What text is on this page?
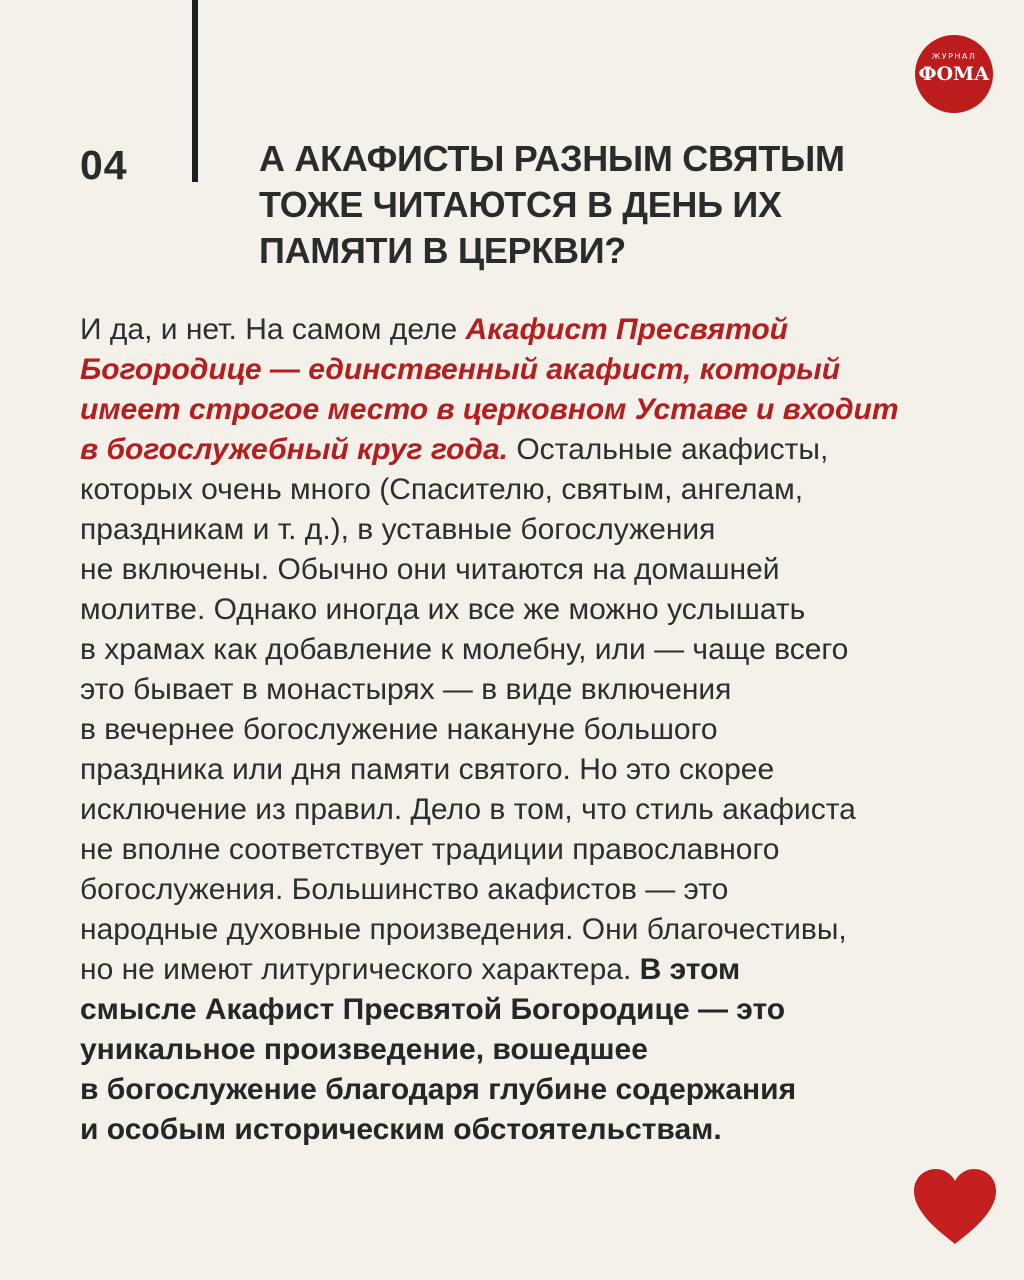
ЖУРНАЛ
ФОМА
04	А АКАФИСТЫ РАЗНЫМ СВЯТЫМ
ТОЖЕ ЧИТАЮТСЯ В ДЕНЬ ИХ
ПАМЯТИ В ЦЕРКВИ?

И да, и нет. На самом деле Акафист Пресвятой
Богородице — единственный акафист, который
имеет строгое место в церковном Уставе и входит
в богослужебный круг года. Остальные акафисты,
которых очень много (Спасителю, святым, ангелам,
праздникам и т. д.), в уставные богослужения
не включены. Обычно они читаются на домашней
молитве. Однако иногда их все же можно услышать
в храмах как добавление к молебну, или — чаще всего
это бывает в монастырях — в виде включения
в вечернее богослужение накануне большого
праздника или дня памяти святого. Но это скорее
исключение из правил. Дело в том, что стиль акафиста
не вполне соответствует традиции православного
богослужения. Большинство акафистов — это
народные духовные произведения. Они благочестивы,
но не имеют литургического характера. В этом
смысле Акафист Пресвятой Богородице — это
уникальное произведение, вошедшее
в богослужение благодаря глубине содержания
и особым историческим обстоятельствам.
